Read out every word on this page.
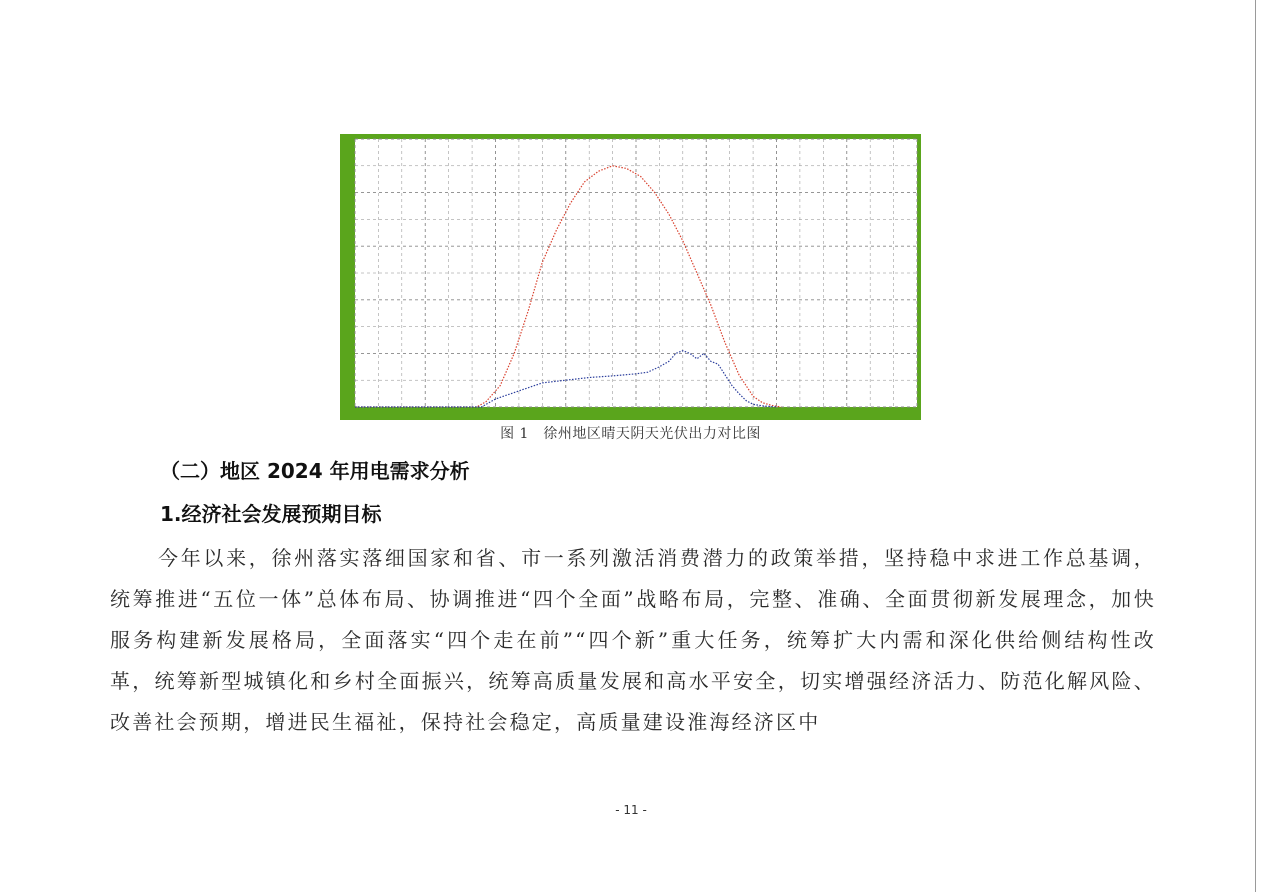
图 1　徐州地区晴天阴天光伏出力对比图
（二）地区 2024 年用电需求分析
1.经济社会发展预期目标

今年以来，徐州落实落细国家和省、市一系列激活消费潜力的政策举措，坚持稳中求进工作总基调，统筹推进“五位一体”总体布局、协调推进“四个全面”战略布局，完整、准确、全面贯彻新发展理念，加快服务构建新发展格局，全面落实“四个走在前”“四个新”重大任务，统筹扩大内需和深化供给侧结构性改革，统筹新型城镇化和乡村全面振兴，统筹高质量发展和高水平安全，切实增强经济活力、防范化解风险、改善社会预期，增进民生福祉，保持社会稳定，高质量建设淮海经济区中

- 11 -
